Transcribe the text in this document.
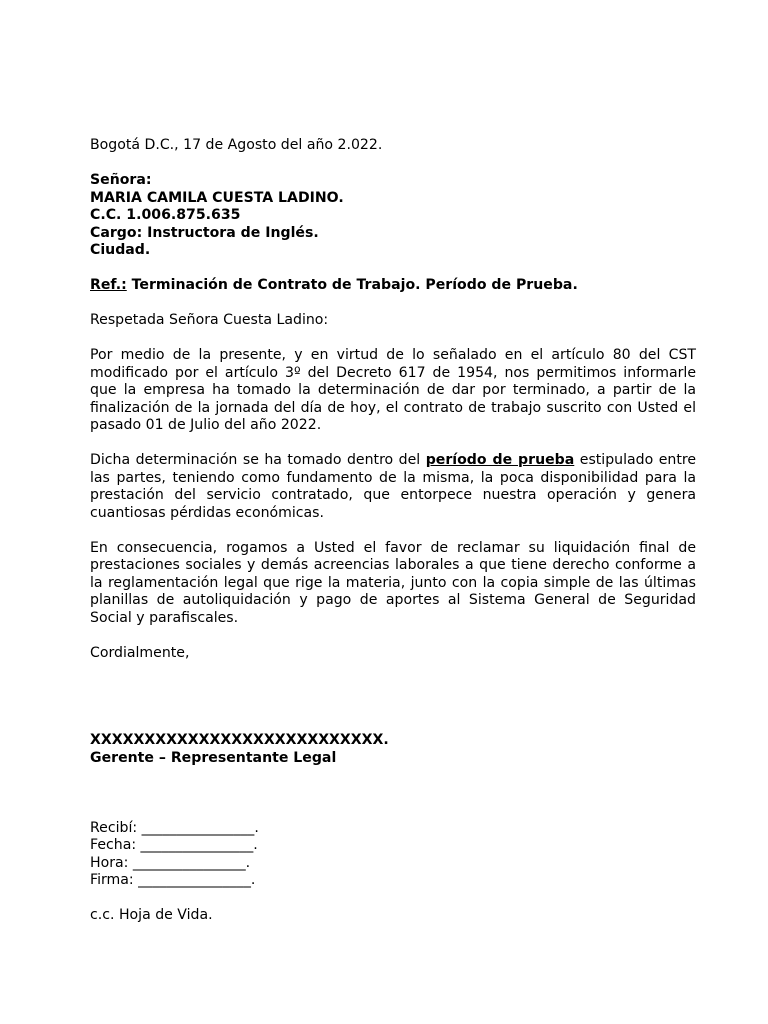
Bogotá D.C., 17 de Agosto del año 2.022.

Señora:

MARIA CAMILA CUESTA LADINO.

C.C. 1.006.875.635

Cargo: Instructora de Inglés.

Ciudad.

Ref.: Terminación de Contrato de Trabajo. Período de Prueba.

Respetada Señora Cuesta Ladino:

Por medio de la presente, y en virtud de lo señalado en el artículo 80 del CST modificado por el artículo 3º del Decreto 617 de 1954, nos permitimos informarle que la empresa ha tomado la determinación de dar por terminado, a partir de la finalización de la jornada del día de hoy, el contrato de trabajo suscrito con Usted el pasado 01 de Julio del año 2022.

Dicha determinación se ha tomado dentro del período de prueba estipulado entre las partes, teniendo como fundamento de la misma, la poca disponibilidad para la prestación del servicio contratado, que entorpece nuestra operación y genera cuantiosas pérdidas económicas.

En consecuencia, rogamos a Usted el favor de reclamar su liquidación final de prestaciones sociales y demás acreencias laborales a que tiene derecho conforme a la reglamentación legal que rige la materia, junto con la copia simple de las últimas planillas de autoliquidación y pago de aportes al Sistema General de Seguridad Social y parafiscales.

Cordialmente,

XXXXXXXXXXXXXXXXXXXXXXXXXXX.

Gerente – Representante Legal

Recibí: ________________.

Fecha: ________________.

Hora: ________________.

Firma: ________________.

c.c. Hoja de Vida.
